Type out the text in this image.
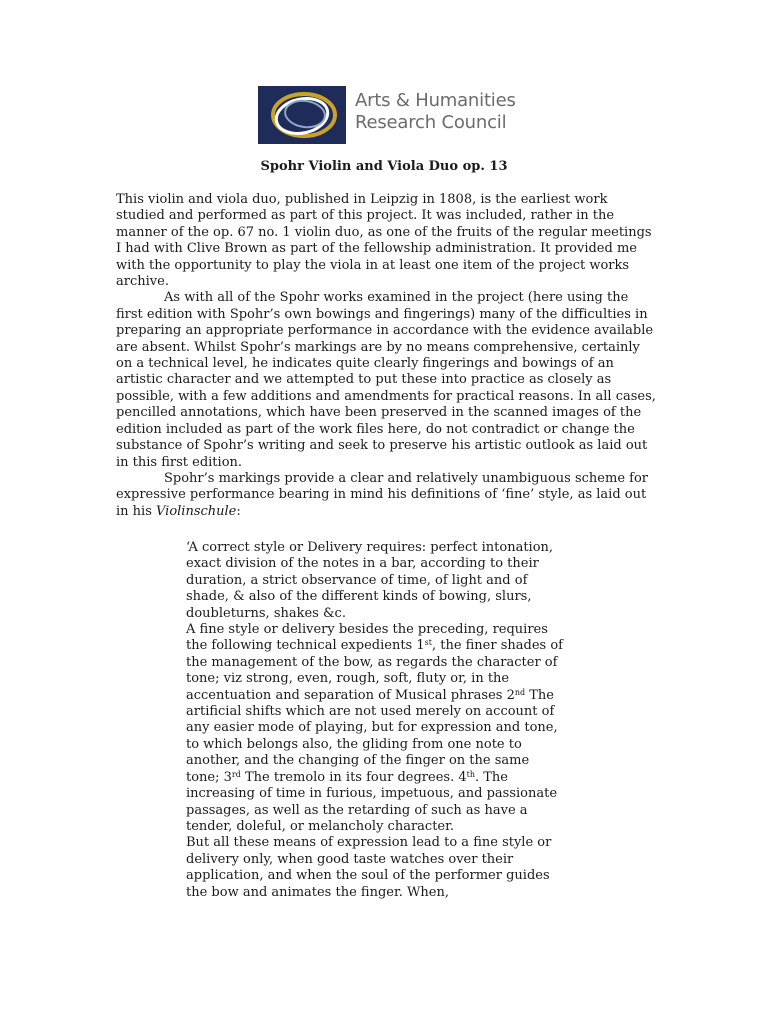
Arts & Humanities
Research Council
Spohr Violin and Viola Duo op. 13

This violin and viola duo, published in Leipzig in 1808, is the earliest work studied and performed as part of this project. It was included, rather in the manner of the op. 67 no. 1 violin duo, as one of the fruits of the regular meetings I had with Clive Brown as part of the fellowship administration. It provided me with the opportunity to play the viola in at least one item of the project works archive.

As with all of the Spohr works examined in the project (here using the first edition with Spohr’s own bowings and fingerings) many of the difficulties in preparing an appropriate performance in accordance with the evidence available are absent. Whilst Spohr’s markings are by no means comprehensive, certainly on a technical level, he indicates quite clearly fingerings and bowings of an artistic character and we attempted to put these into practice as closely as possible, with a few additions and amendments for practical reasons. In all cases, pencilled annotations, which have been preserved in the scanned images of the edition included as part of the work files here, do not contradict or change the substance of Spohr’s writing and seek to preserve his artistic outlook as laid out in this first edition.

Spohr’s markings provide a clear and relatively unambiguous scheme for expressive performance bearing in mind his definitions of ‘fine’ style, as laid out in his Violinschule:

‘A correct style or Delivery requires: perfect intonation, exact division of the notes in a bar, according to their duration, a strict observance of time, of light and of shade, & also of the different kinds of bowing, slurs, doubleturns, shakes &c.

A fine style or delivery besides the preceding, requires the following technical expedients 1st, the finer shades of the management of the bow, as regards the character of tone; viz strong, even, rough, soft, fluty or, in the accentuation and separation of Musical phrases 2nd The artificial shifts which are not used merely on account of any easier mode of playing, but for expression and tone, to which belongs also, the gliding from one note to another, and the changing of the finger on the same tone; 3rd The tremolo in its four degrees. 4th. The increasing of time in furious, impetuous, and passionate passages, as well as the retarding of such as have a tender, doleful, or melancholy character.

But all these means of expression lead to a fine style or delivery only, when good taste watches over their application, and when the soul of the performer guides the bow and animates the finger. When,
